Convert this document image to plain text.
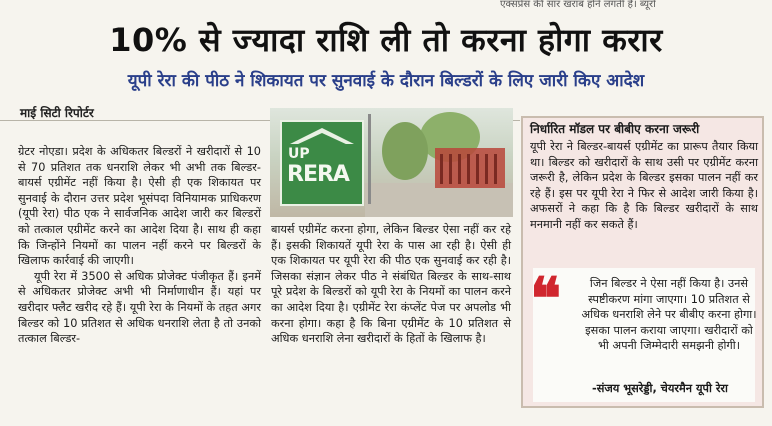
एक्सप्रेस की सार खराब होने लगती है। ब्यूरो
10% से ज्यादा राशि ली तो करना होगा करार
यूपी रेरा की पीठ ने शिकायत पर सुनवाई के दौरान बिल्डरों के लिए जारी किए आदेश
माई सिटी रिपोर्टर

ग्रेटर नोएडा। प्रदेश के अधिकतर बिल्डरों ने खरीदारों से 10 से 70 प्रतिशत तक धनराशि लेकर भी अभी तक बिल्डर-बायर्स एग्रीमेंट नहीं किया है। ऐसी ही एक शिकायत पर सुनवाई के दौरान उत्तर प्रदेश भूसंपदा विनियामक प्राधिकरण (यूपी रेरा) पीठ एक ने सार्वजनिक आदेश जारी कर बिल्डरों को तत्काल एग्रीमेंट करने का आदेश दिया है। साथ ही कहा कि जिन्होंने नियमों का पालन नहीं करने पर बिल्डरों के खिलाफ कार्रवाई की जाएगी।

यूपी रेरा में 3500 से अधिक प्रोजेक्ट पंजीकृत हैं। इनमें से अधिकतर प्रोजेक्ट अभी भी निर्माणाधीन हैं। यहां पर खरीदार फ्लैट खरीद रहे हैं। यूपी रेरा के नियमों के तहत अगर बिल्डर को 10 प्रतिशत से अधिक धनराशि लेता है तो उनको तत्काल बिल्डर-

UP
RERA

बायर्स एग्रीमेंट करना होगा, लेकिन बिल्डर ऐसा नहीं कर रहे हैं। इसकी शिकायतें यूपी रेरा के पास आ रही है। ऐसी ही एक शिकायत पर यूपी रेरा की पीठ एक सुनवाई कर रही है। जिसका संज्ञान लेकर पीठ ने संबंधित बिल्डर के साथ-साथ पूरे प्रदेश के बिल्डरों को यूपी रेरा के नियमों का पालन करने का आदेश दिया है। एग्रीमेंट रेरा कंप्लेंट पेज पर अपलोड भी करना होगा। कहा है कि बिना एग्रीमेंट के 10 प्रतिशत से अधिक धनराशि लेना खरीदारों के हितों के खिलाफ है।

निर्धारित मॉडल पर बीबीए करना जरूरी
यूपी रेरा ने बिल्डर-बायर्स एग्रीमेंट का प्रारूप तैयार किया था। बिल्डर को खरीदारों के साथ उसी पर एग्रीमेंट करना जरूरी है, लेकिन प्रदेश के बिल्डर इसका पालन नहीं कर रहे हैं। इस पर यूपी रेरा ने फिर से आदेश जारी किया है। अफसरों ने कहा कि है कि बिल्डर खरीदारों के साथ मनमानी नहीं कर सकते हैं।
❝	जिन बिल्डर ने ऐसा नहीं किया है। उनसे स्पष्टीकरण मांगा जाएगा। 10 प्रतिशत से अधिक धनराशि लेने पर बीबीए करना होगा। इसका पालन कराया जाएगा। खरीदारों को भी अपनी जिम्मेदारी समझनी होगी।
-संजय भूसरेड्डी, चेयरमैन यूपी रेरा
